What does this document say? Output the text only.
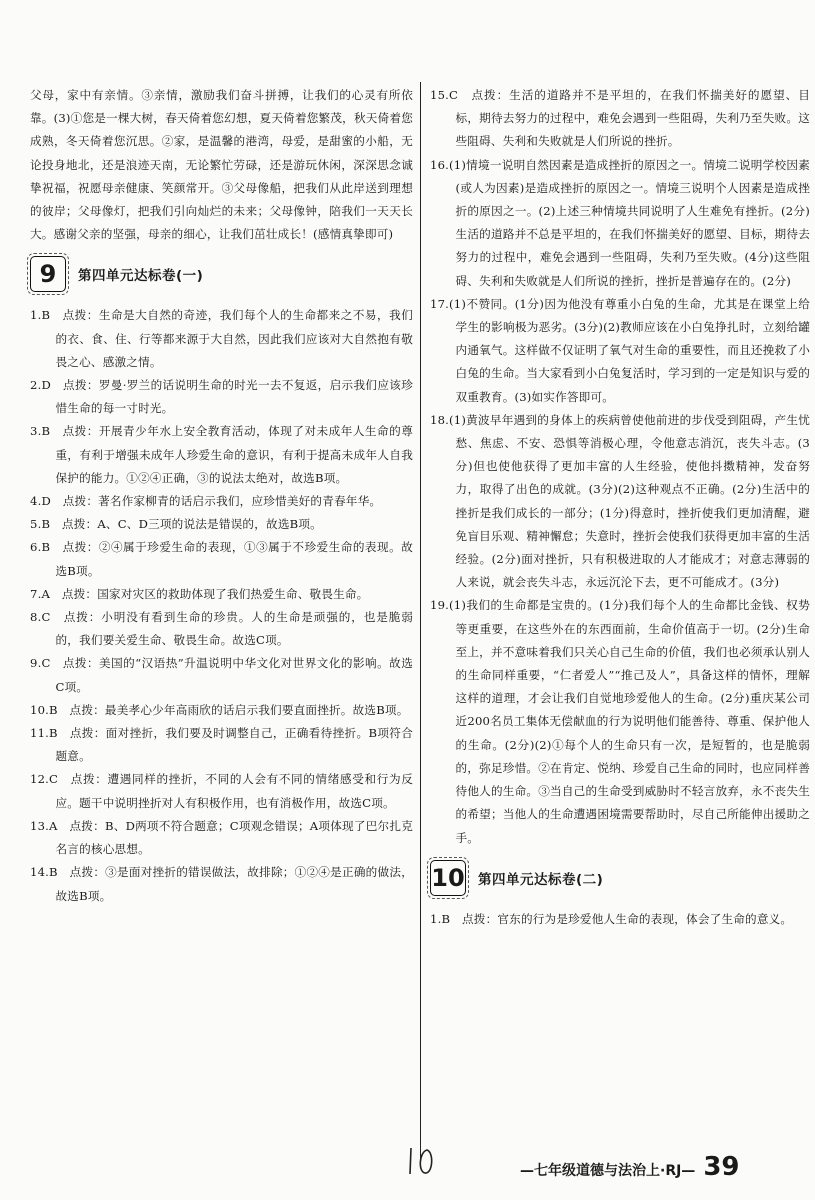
父母，家中有亲情。③亲情，激励我们奋斗拼搏，让我们的心灵有所依靠。(3)①您是一棵大树，春天倚着您幻想，夏天倚着您繁茂，秋天倚着您成熟，冬天倚着您沉思。②家，是温馨的港湾，母爱，是甜蜜的小船，无论投身地北，还是浪迹天南，无论繁忙劳碌，还是游玩休闲，深深思念诚挚祝福，祝愿母亲健康、笑颜常开。③父母像船，把我们从此岸送到理想的彼岸；父母像灯，把我们引向灿烂的未来；父母像钟，陪我们一天天长大。感谢父亲的坚强，母亲的细心，让我们茁壮成长！(感情真挚即可)

9	第四单元达标卷(一)

1.B　点拨：生命是大自然的奇迹，我们每个人的生命都来之不易，我们的衣、食、住、行等都来源于大自然，因此我们应该对大自然抱有敬畏之心、感激之情。

2.D　点拨：罗曼·罗兰的话说明生命的时光一去不复返，启示我们应该珍惜生命的每一寸时光。

3.B　点拨：开展青少年水上安全教育活动，体现了对未成年人生命的尊重，有利于增强未成年人珍爱生命的意识，有利于提高未成年人自我保护的能力。①②④正确，③的说法太绝对，故选B项。

4.D　点拨：著名作家柳青的话启示我们，应珍惜美好的青春年华。

5.B　点拨：A、C、D三项的说法是错误的，故选B项。

6.B　点拨：②④属于珍爱生命的表现，①③属于不珍爱生命的表现。故选B项。

7.A　点拨：国家对灾区的救助体现了我们热爱生命、敬畏生命。

8.C　点拨：小明没有看到生命的珍贵。人的生命是顽强的，也是脆弱的，我们要关爱生命、敬畏生命。故选C项。

9.C　点拨：美国的“汉语热”升温说明中华文化对世界文化的影响。故选C项。

10.B　点拨：最美孝心少年高雨欣的话启示我们要直面挫折。故选B项。

11.B　点拨：面对挫折，我们要及时调整自己，正确看待挫折。B项符合题意。

12.C　点拨：遭遇同样的挫折，不同的人会有不同的情绪感受和行为反应。题干中说明挫折对人有积极作用，也有消极作用，故选C项。

13.A　点拨：B、D两项不符合题意；C项观念错误；A项体现了巴尔扎克名言的核心思想。

14.B　点拨：③是面对挫折的错误做法，故排除；①②④是正确的做法，故选B项。

15.C　点拨：生活的道路并不是平坦的，在我们怀揣美好的愿望、目标，期待去努力的过程中，难免会遇到一些阻碍，失利乃至失败。这些阻碍、失利和失败就是人们所说的挫折。

16.(1)情境一说明自然因素是造成挫折的原因之一。情境二说明学校因素(或人为因素)是造成挫折的原因之一。情境三说明个人因素是造成挫折的原因之一。(2)上述三种情境共同说明了人生难免有挫折。(2分)生活的道路并不总是平坦的，在我们怀揣美好的愿望、目标，期待去努力的过程中，难免会遇到一些阻碍，失利乃至失败。(4分)这些阻碍、失利和失败就是人们所说的挫折，挫折是普遍存在的。(2分)

17.(1)不赞同。(1分)因为他没有尊重小白兔的生命，尤其是在课堂上给学生的影响极为恶劣。(3分)(2)教师应该在小白兔挣扎时，立刻给罐内通氧气。这样做不仅证明了氧气对生命的重要性，而且还挽救了小白兔的生命。当大家看到小白兔复活时，学习到的一定是知识与爱的双重教育。(3)如实作答即可。

18.(1)黄波早年遇到的身体上的疾病曾使他前进的步伐受到阻碍，产生忧愁、焦虑、不安、恐惧等消极心理，令他意志消沉，丧失斗志。(3分)但也使他获得了更加丰富的人生经验，使他抖擞精神，发奋努力，取得了出色的成就。(3分)(2)这种观点不正确。(2分)生活中的挫折是我们成长的一部分；(1分)得意时，挫折使我们更加清醒，避免盲目乐观、精神懈怠；失意时，挫折会使我们获得更加丰富的生活经验。(2分)面对挫折，只有积极进取的人才能成才；对意志薄弱的人来说，就会丧失斗志，永远沉沦下去，更不可能成才。(3分)

19.(1)我们的生命都是宝贵的。(1分)我们每个人的生命都比金钱、权势等更重要，在这些外在的东西面前，生命价值高于一切。(2分)生命至上，并不意味着我们只关心自己生命的价值，我们也必须承认别人的生命同样重要，“仁者爱人”“推己及人”，具备这样的情怀，理解这样的道理，才会让我们自觉地珍爱他人的生命。(2分)重庆某公司近200名员工集体无偿献血的行为说明他们能善待、尊重、保护他人的生命。(2分)(2)①每个人的生命只有一次，是短暂的，也是脆弱的，弥足珍惜。②在肯定、悦纳、珍爱自己生命的同时，也应同样善待他人的生命。③当自己的生命受到威胁时不轻言放弃，永不丧失生的希望；当他人的生命遭遇困境需要帮助时，尽自己所能伸出援助之手。

10 第四单元达标卷(二)

1.B　点拨：官东的行为是珍爱他人生命的表现，体会了生命的意义。

—七年级道德与法治上·RJ— 39
